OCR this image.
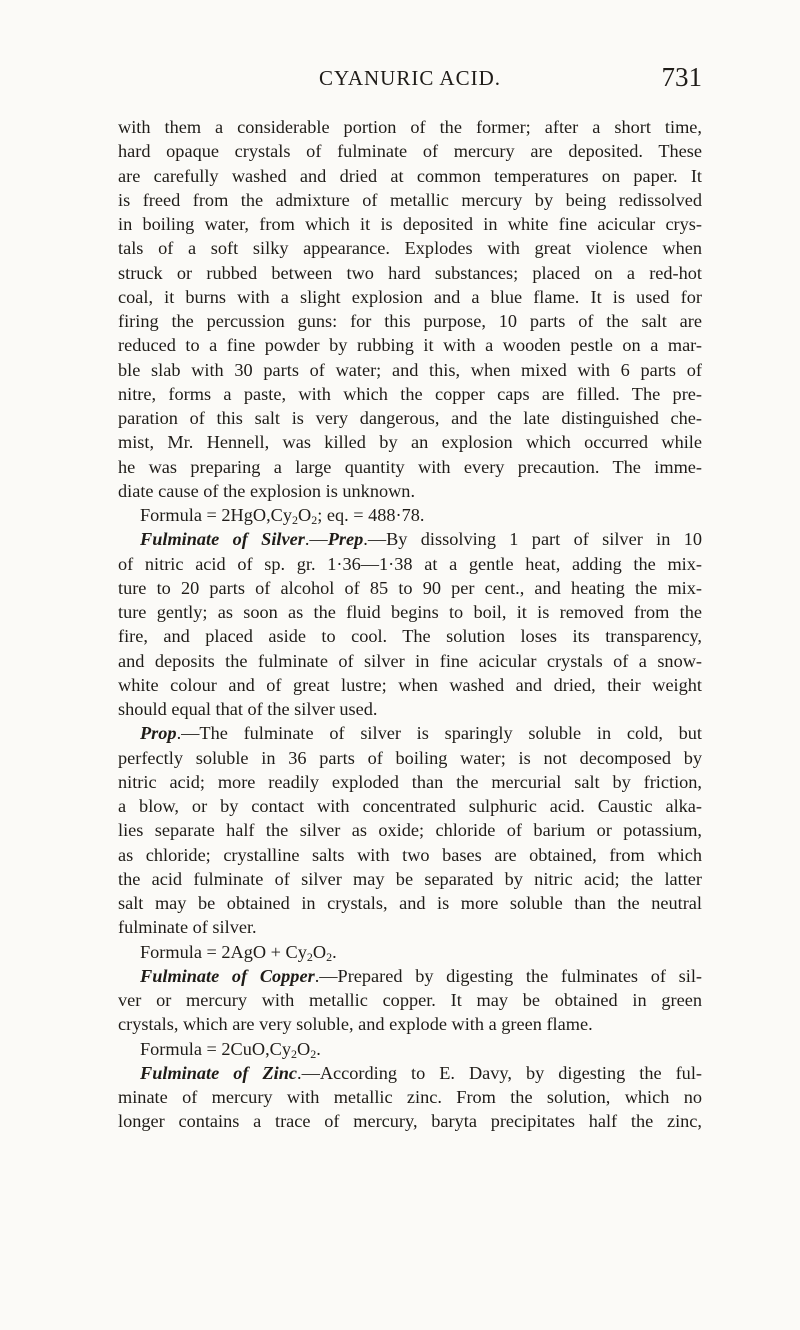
CYANURIC ACID.	731
with them a considerable portion of the former; after a short time,
hard opaque crystals of fulminate of mercury are deposited. These
are carefully washed and dried at common temperatures on paper. It
is freed from the admixture of metallic mercury by being redissolved
in boiling water, from which it is deposited in white fine acicular crys-
tals of a soft silky appearance. Explodes with great violence when
struck or rubbed between two hard substances; placed on a red-hot
coal, it burns with a slight explosion and a blue flame. It is used for
firing the percussion guns: for this purpose, 10 parts of the salt are
reduced to a fine powder by rubbing it with a wooden pestle on a mar-
ble slab with 30 parts of water; and this, when mixed with 6 parts of
nitre, forms a paste, with which the copper caps are filled. The pre-
paration of this salt is very dangerous, and the late distinguished che-
mist, Mr. Hennell, was killed by an explosion which occurred while
he was preparing a large quantity with every precaution. The imme-
diate cause of the explosion is unknown.
Formula = $2HgO,Cy_2O_2$; eq. = 488·78.
Fulminate of Silver.—Prep.—By dissolving 1 part of silver in 10
of nitric acid of sp. gr. 1·36—1·38 at a gentle heat, adding the mix-
ture to 20 parts of alcohol of 85 to 90 per cent., and heating the mix-
ture gently; as soon as the fluid begins to boil, it is removed from the
fire, and placed aside to cool. The solution loses its transparency,
and deposits the fulminate of silver in fine acicular crystals of a snow-
white colour and of great lustre; when washed and dried, their weight
should equal that of the silver used.
Prop.—The fulminate of silver is sparingly soluble in cold, but
perfectly soluble in 36 parts of boiling water; is not decomposed by
nitric acid; more readily exploded than the mercurial salt by friction,
a blow, or by contact with concentrated sulphuric acid. Caustic alka-
lies separate half the silver as oxide; chloride of barium or potassium,
as chloride; crystalline salts with two bases are obtained, from which
the acid fulminate of silver may be separated by nitric acid; the latter
salt may be obtained in crystals, and is more soluble than the neutral
fulminate of silver.
Formula = $2AgO + Cy_2O_2$.
Fulminate of Copper.—Prepared by digesting the fulminates of sil-
ver or mercury with metallic copper. It may be obtained in green
crystals, which are very soluble, and explode with a green flame.
Formula = $2CuO,Cy_2O_2$.
Fulminate of Zinc.—According to E. Davy, by digesting the ful-
minate of mercury with metallic zinc. From the solution, which no
longer contains a trace of mercury, baryta precipitates half the zinc,
